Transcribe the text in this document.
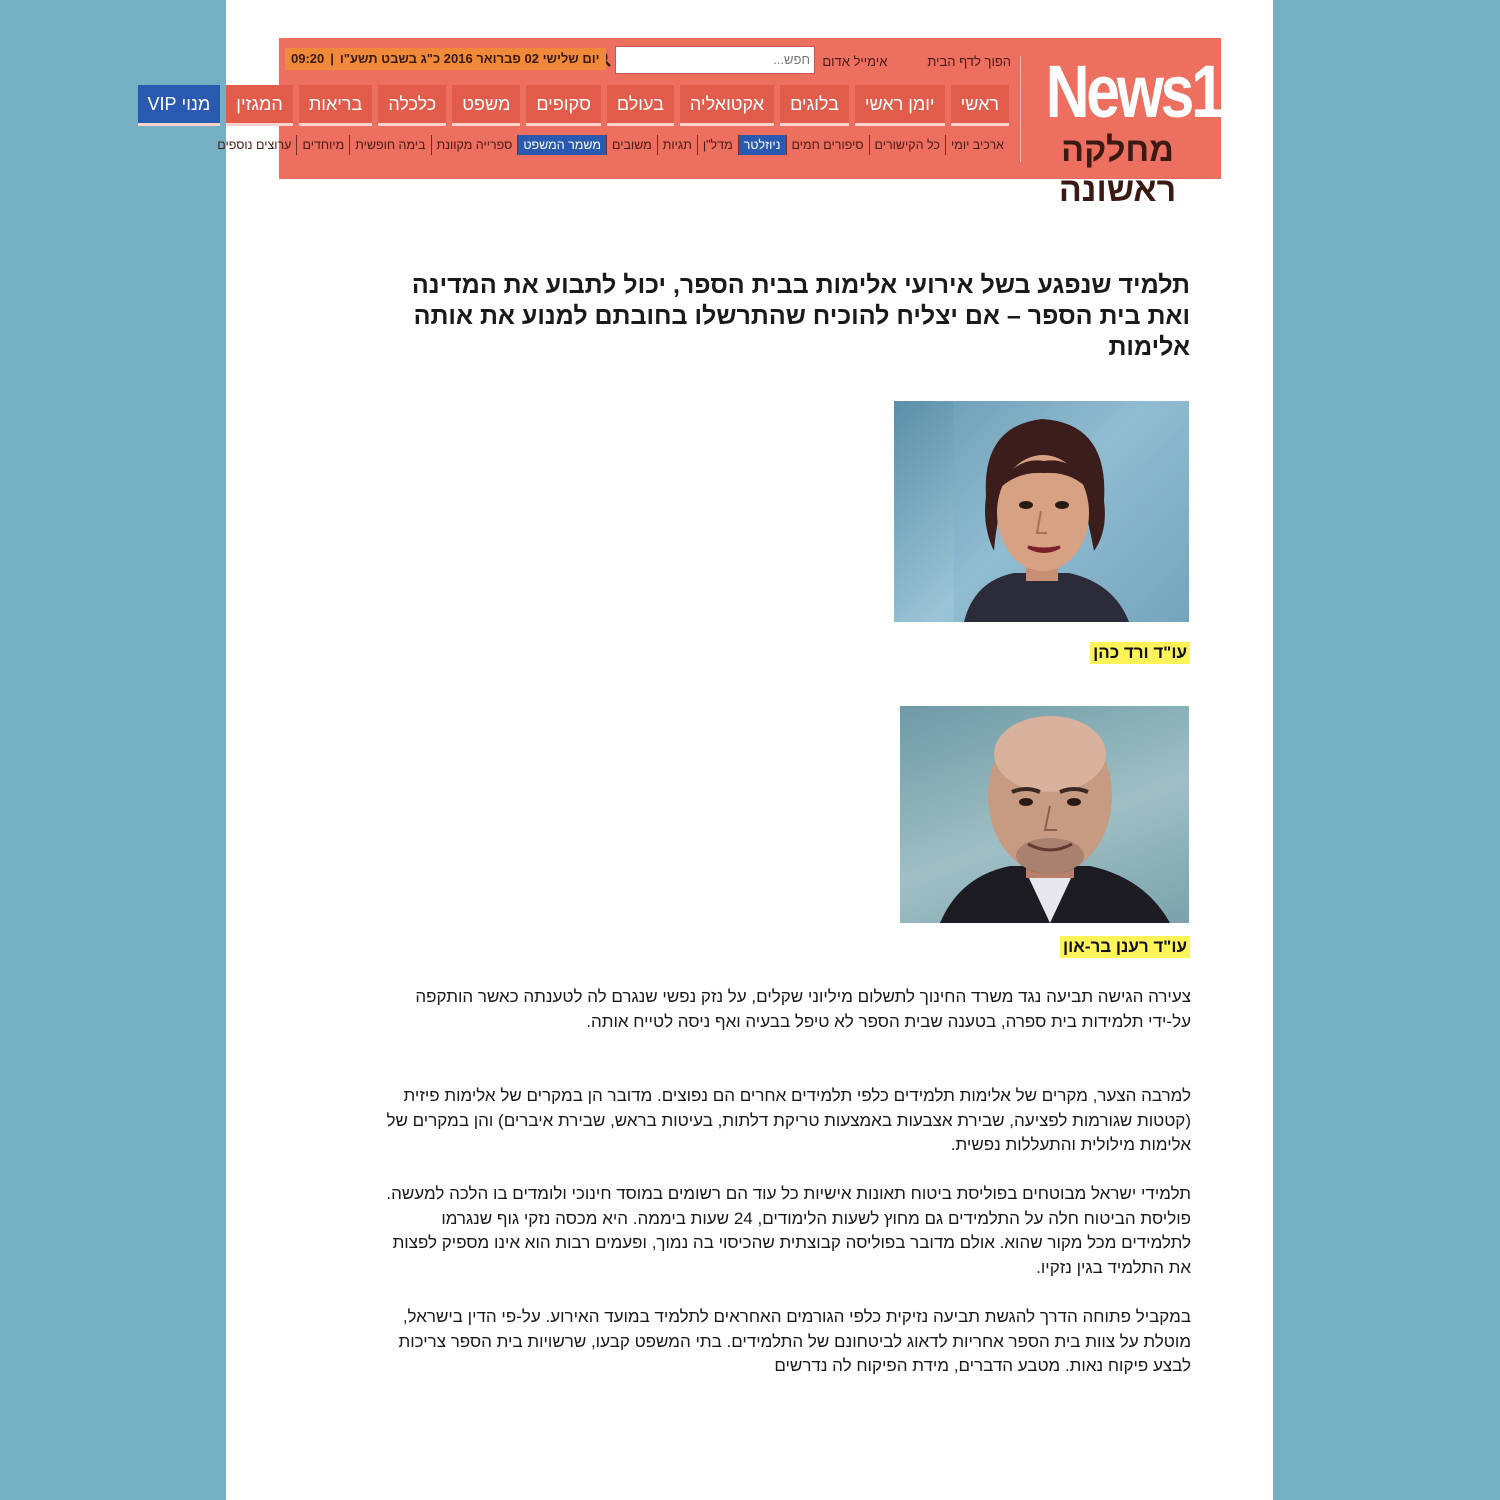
News1
מחלקה ראשונה
הפוך לדף הבית
אימייל אדום
חפש...
יום שלישי 02 פברואר 2016 כ"ג בשבט תשע"ו|09:20
ראשי
יומן ראשי
בלוגים
אקטואליה
בעולם
סקופים
משפט
כלכלה
בריאות
המגזין
מנוי VIP
ארכיב יומי
כל הקישורים
סיפורים חמים
ניוזלטר
מדל"ן
תגיות
משובים
משמר המשפט
ספרייה מקוונת
בימה חופשית
מיוחדים
ערוצים נוספים
תלמיד שנפגע בשל אירועי אלימות בבית הספר, יכול לתבוע את המדינה ואת בית הספר – אם יצליח להוכיח שהתרשלו בחובתם למנוע את אותה אלימות
עו"ד ורד כהן
עו"ד רענן בר-און

צעירה הגישה תביעה נגד משרד החינוך לתשלום מיליוני שקלים, על נזק נפשי שנגרם לה לטענתה כאשר הותקפה על-ידי תלמידות בית ספרה, בטענה שבית הספר לא טיפל בבעיה ואף ניסה לטייח אותה.

למרבה הצער, מקרים של אלימות תלמידים כלפי תלמידים אחרים הם נפוצים. מדובר הן במקרים של אלימות פיזית (קטטות שגורמות לפציעה, שבירת אצבעות באמצעות טריקת דלתות, בעיטות בראש, שבירת איברים) והן במקרים של אלימות מילולית והתעללות נפשית.

תלמידי ישראל מבוטחים בפוליסת ביטוח תאונות אישיות כל עוד הם רשומים במוסד חינוכי ולומדים בו הלכה למעשה. פוליסת הביטוח חלה על התלמידים גם מחוץ לשעות הלימודים, 24 שעות ביממה. היא מכסה נזקי גוף שנגרמו לתלמידים מכל מקור שהוא. אולם מדובר בפוליסה קבוצתית שהכיסוי בה נמוך, ופעמים רבות הוא אינו מספיק לפצות את התלמיד בגין נזקיו.

במקביל פתוחה הדרך להגשת תביעה נזיקית כלפי הגורמים האחראים לתלמיד במועד האירוע. על-פי הדין בישראל, מוטלת על צוות בית הספר אחריות לדאוג לביטחונם של התלמידים. בתי המשפט קבעו, שרשויות בית הספר צריכות לבצע פיקוח נאות. מטבע הדברים, מידת הפיקוח לה נדרשים
